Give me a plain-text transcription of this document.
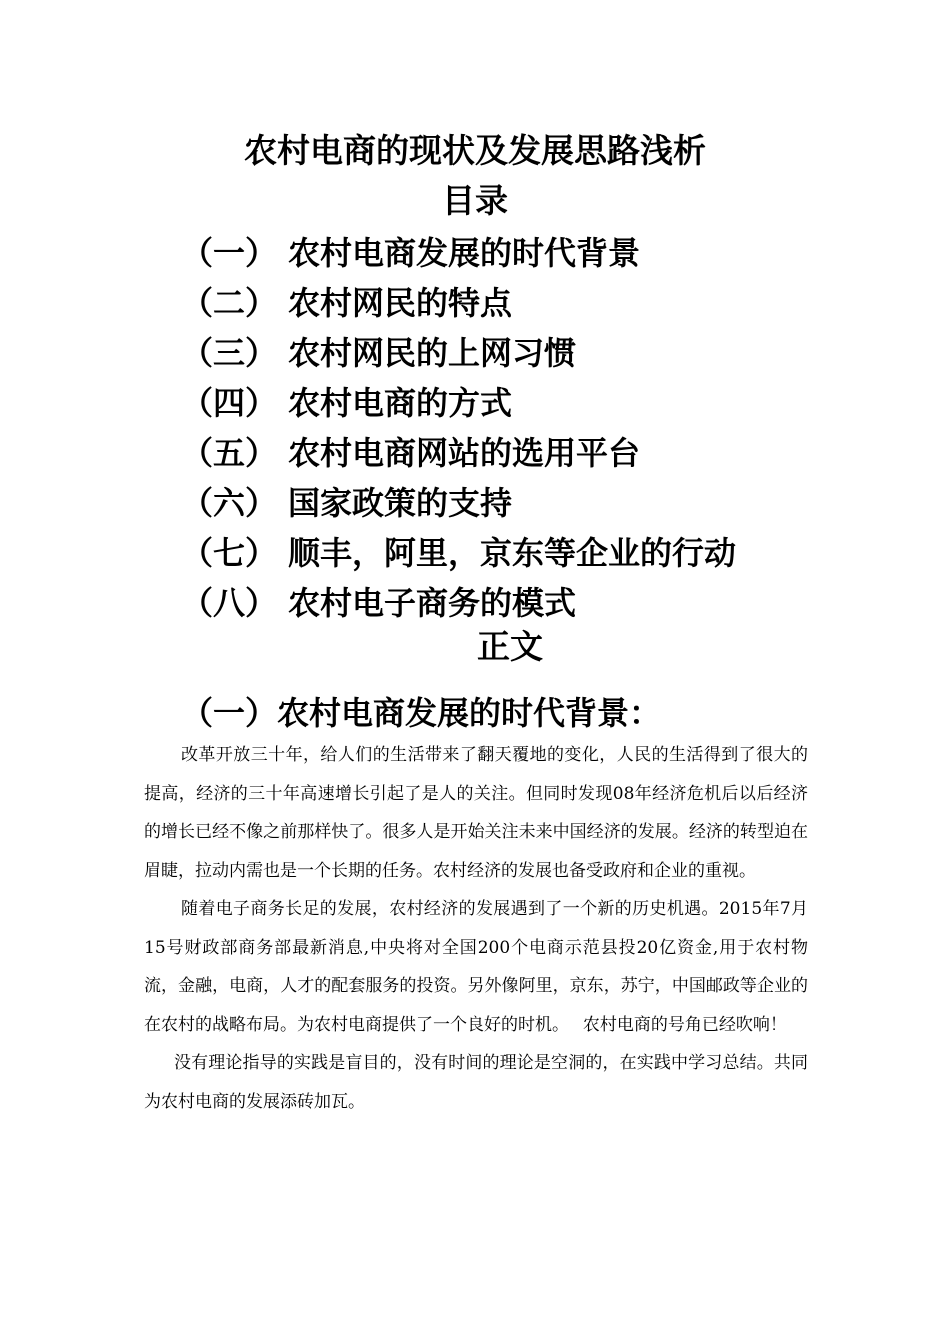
农村电商的现状及发展思路浅析
目录
（一） 农村电商发展的时代背景
（二） 农村网民的特点
（三） 农村网民的上网习惯
（四） 农村电商的方式
（五） 农村电商网站的选用平台
（六） 国家政策的支持
（七） 顺丰，阿里，京东等企业的行动
（八） 农村电子商务的模式
正文
（一）农村电商发展的时代背景：

改革开放三十年，给人们的生活带来了翻天覆地的变化，人民的生活得到了很大的提高，经济的三十年高速增长引起了是人的关注。但同时发现08年经济危机后以后经济的增长已经不像之前那样快了。很多人是开始关注未来中国经济的发展。经济的转型迫在眉睫，拉动内需也是一个长期的任务。农村经济的发展也备受政府和企业的重视。

随着电子商务长足的发展，农村经济的发展遇到了一个新的历史机遇。2015年7月15号财政部商务部最新消息,中央将对全国200个电商示范县投20亿资金,用于农村物流，金融，电商，人才的配套服务的投资。另外像阿里，京东，苏宁，中国邮政等企业的在农村的战略布局。为农村电商提供了一个良好的时机。　 农村电商的号角已经吹响！

没有理论指导的实践是盲目的，没有时间的理论是空洞的，在实践中学习总结。共同为农村电商的发展添砖加瓦。
